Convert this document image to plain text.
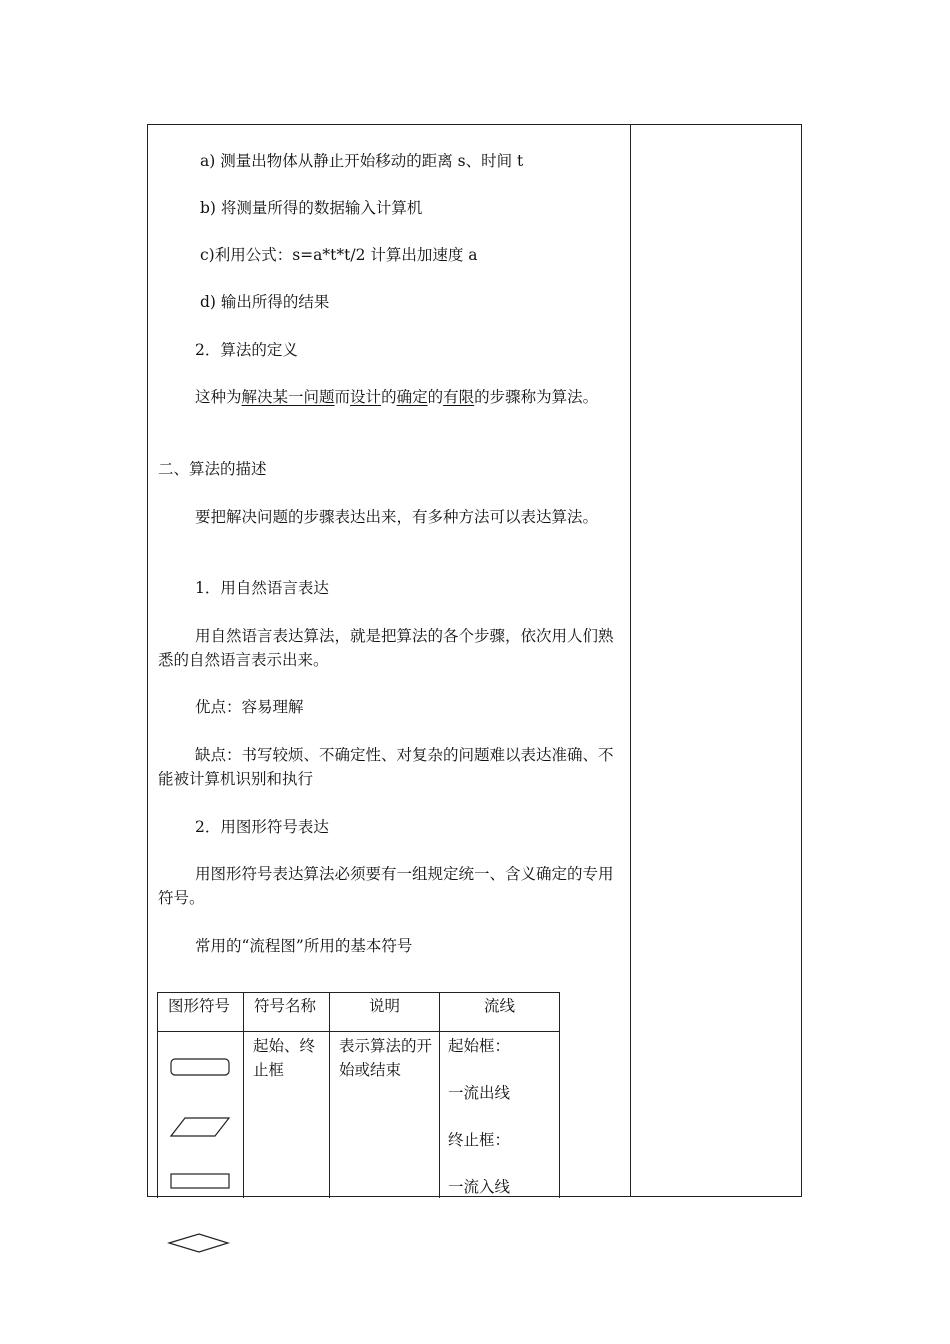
a) 测量出物体从静止开始移动的距离 s、时间 t
b) 将测量所得的数据输入计算机
c)利用公式：s=a*t*t/2 计算出加速度 a
d) 输出所得的结果
2．算法的定义
这种为解决某一问题而设计的确定的有限的步骤称为算法。
二、算法的描述
要把解决问题的步骤表达出来，有多种方法可以表达算法。
1．用自然语言表达
用自然语言表达算法，就是把算法的各个步骤，依次用人们熟悉的自然语言表示出来。
优点：容易理解
缺点：书写较烦、不确定性、对复杂的问题难以表达准确、不能被计算机识别和执行
2．用图形符号表达
用图形符号表达算法必须要有一组规定统一、含义确定的专用符号。
常用的“流程图”所用的基本符号
图形符号 符号名称	说明	流线
起始、终止框
表示算法的开始或结束
起始框：
一流出线
终止框：
一流入线
